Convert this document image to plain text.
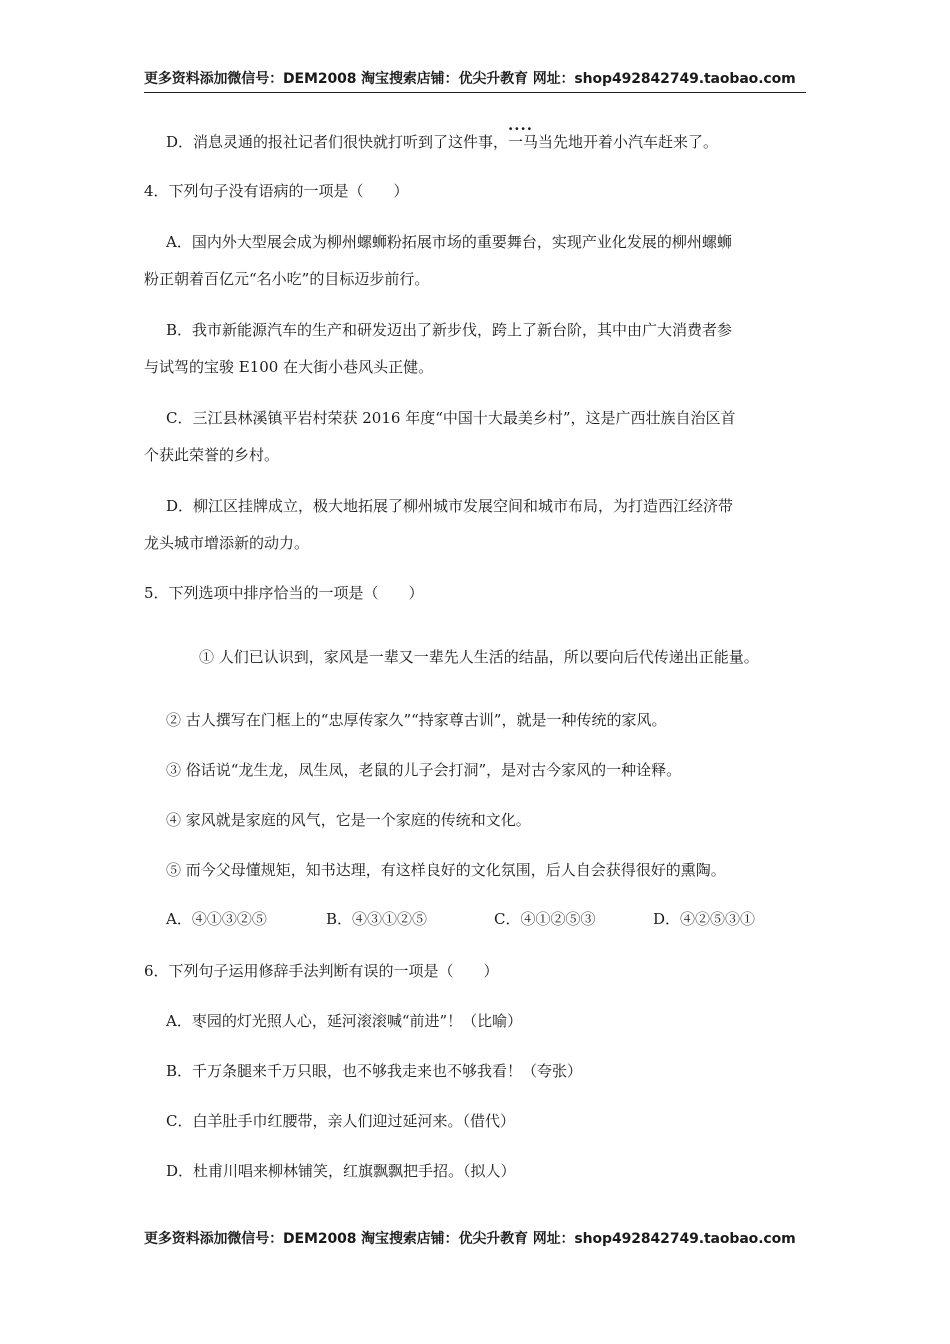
更多资料添加微信号：DEM2008 淘宝搜索店铺：优尖升教育 网址：shop492842749.taobao.com
D．消息灵通的报社记者们很快就打听到了这件事，···· 一马当先地开着小汽车赶来了。
4．下列句子没有语病的一项是（　　）
A．国内外大型展会成为柳州螺蛳粉拓展市场的重要舞台，实现产业化发展的柳州螺蛳
粉正朝着百亿元“名小吃”的目标迈步前行。
B．我市新能源汽车的生产和研发迈出了新步伐，跨上了新台阶，其中由广大消费者参
与试驾的宝骏 E100 在大街小巷风头正健。
C．三江县林溪镇平岩村荣获 2016 年度“中国十大最美乡村”，这是广西壮族自治区首
个获此荣誉的乡村。
D．柳江区挂牌成立，极大地拓展了柳州城市发展空间和城市布局，为打造西江经济带
龙头城市增添新的动力。
5．下列选项中排序恰当的一项是（　　）
① 人们已认识到，家风是一辈又一辈先人生活的结晶，所以要向后代传递出正能量。
② 古人撰写在门框上的“忠厚传家久”“持家尊古训”，就是一种传统的家风。
③ 俗话说“龙生龙，凤生凤，老鼠的儿子会打洞”，是对古今家风的一种诠释。
④ 家风就是家庭的风气，它是一个家庭的传统和文化。
⑤ 而今父母懂规矩，知书达理，有这样良好的文化氛围，后人自会获得很好的熏陶。
A．④①③②⑤	B．④③①②⑤	C．④①②⑤③	D．④②⑤③①
6．下列句子运用修辞手法判断有误的一项是（　　）
A．枣园的灯光照人心，延河滚滚喊“前进”！（比喻）
B．千万条腿来千万只眼，也不够我走来也不够我看！（夸张）
C．白羊肚手巾红腰带，亲人们迎过延河来。（借代）
D．杜甫川唱来柳林铺笑，红旗飘飘把手招。（拟人）
更多资料添加微信号：DEM2008 淘宝搜索店铺：优尖升教育 网址：shop492842749.taobao.com
